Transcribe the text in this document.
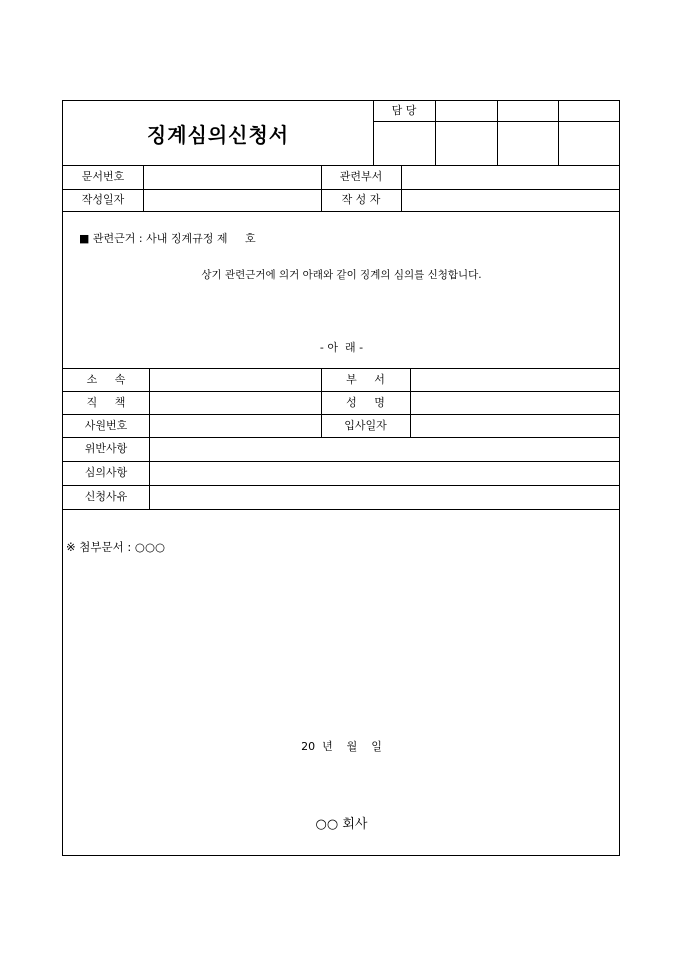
징계심의신청서
담 당
문서번호	관련부서
작성일자	작 성 자
■ 관련근거 : 사내 징계규정 제     호
상기 관련근거에 의거 아래와 같이 징계의 심의를 신청합니다.
- 아  래 -
소     속	부     서
직     책	성     명
사원번호	입사일자
위반사항
심의사항
신청사유
※ 첨부문서 : ○○○
20  년    월    일
○○ 회사
